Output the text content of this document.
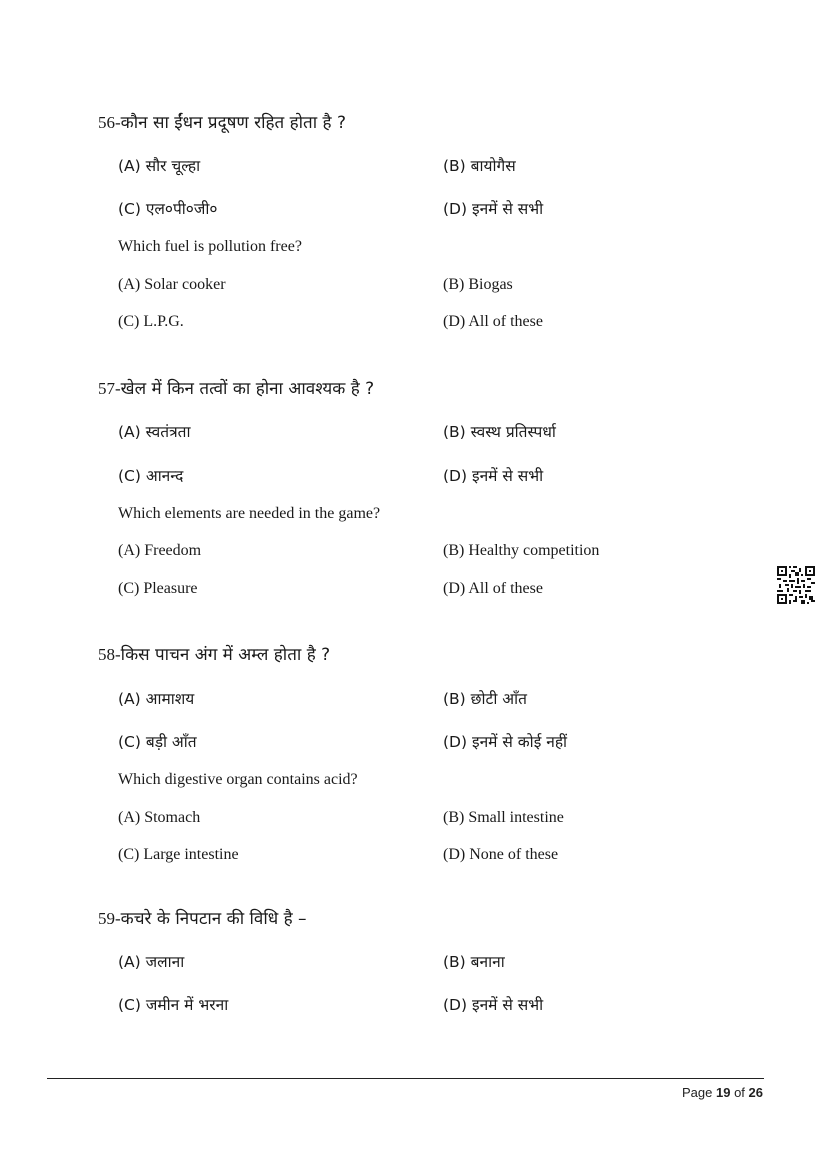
56-कौन सा ईंधन प्रदूषण रहित होता है ?
(A) सौर चूल्हा	(B) बायोगैस
(C) एल०पी०जी०	(D) इनमें से सभी
Which fuel is pollution free?
(A) Solar cooker	(B) Biogas
(C) L.P.G.	(D) All of these
57-खेल में किन तत्वों का होना आवश्यक है ?
(A) स्वतंत्रता	(B) स्वस्थ प्रतिस्पर्धा
(C) आनन्द	(D) इनमें से सभी
Which elements are needed in the game?
(A) Freedom	(B) Healthy competition
(C) Pleasure	(D) All of these
58-किस पाचन अंग में अम्ल होता है ?
(A) आमाशय	(B) छोटी आँत
(C) बड़ी आँत	(D) इनमें से कोई नहीं
Which digestive organ contains acid?
(A) Stomach	(B) Small intestine
(C) Large intestine	(D) None of these
59-कचरे के निपटान की विधि है –
(A) जलाना	(B) बनाना
(C) जमीन में भरना	(D) इनमें से सभी
Page 19 of 26
